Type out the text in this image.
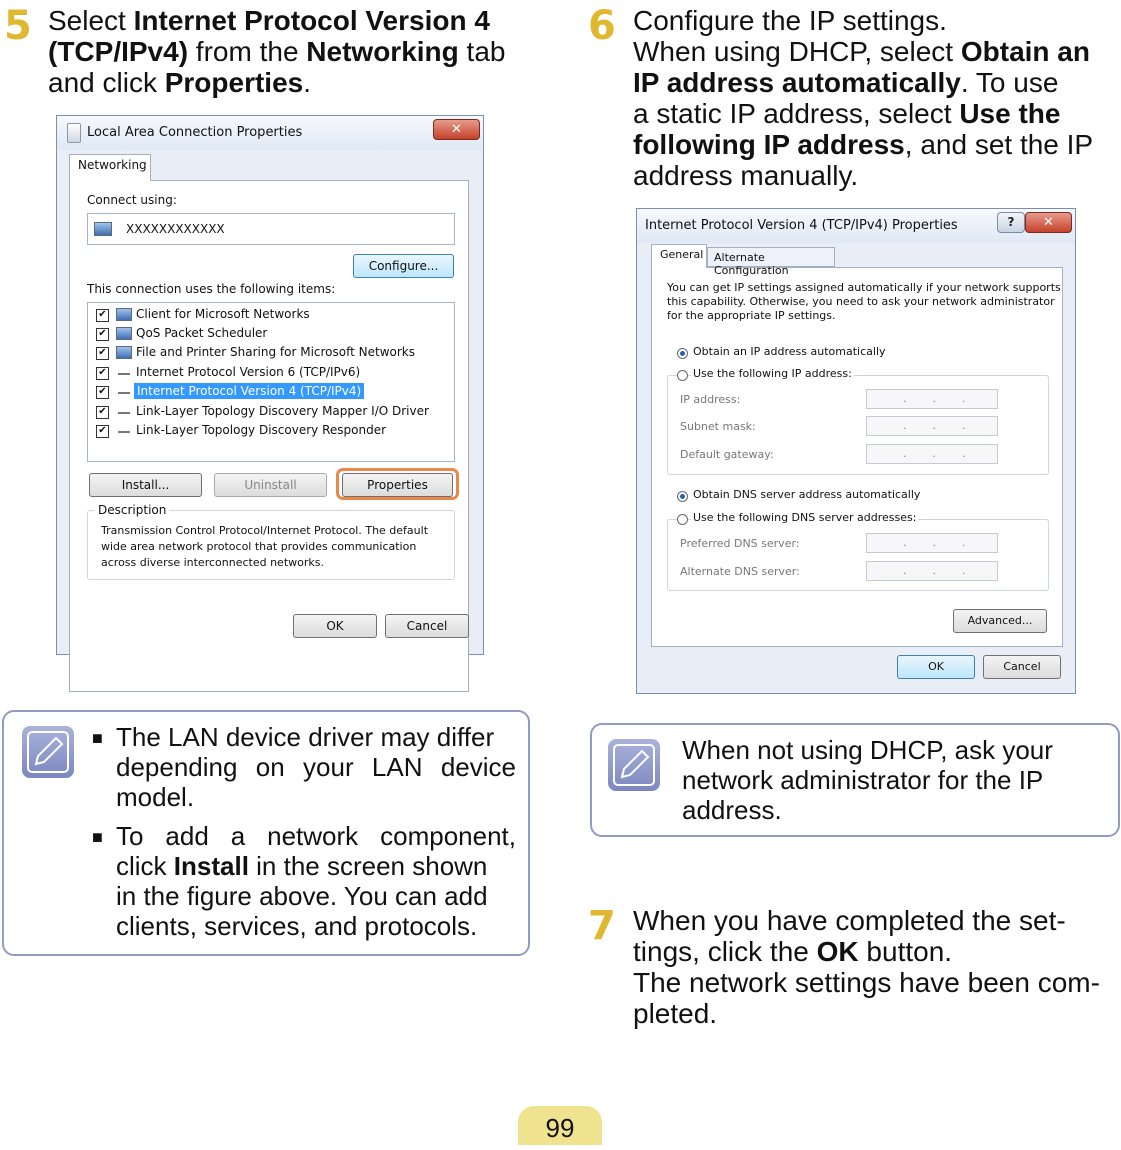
5 Select Internet Protocol Version 4
(TCP/IPv4) from the Networking tab
and click Properties.
Local Area Connection Properties	✕
Networking
Connect using:
XXXXXXXXXXXX
Configure...
This connection uses the following items:
✔ Client for Microsoft Networks
✔ QoS Packet Scheduler
✔ File and Printer Sharing for Microsoft Networks
✔ Internet Protocol Version 6 (TCP/IPv6)
✔	Internet Protocol Version 4 (TCP/IPv4)
✔ Link-Layer Topology Discovery Mapper I/O Driver
✔ Link-Layer Topology Discovery Responder
Install...	Uninstall	Properties
Description
Transmission Control Protocol/Internet Protocol. The default
wide area network protocol that provides communication
across diverse interconnected networks.
OK	Cancel
■ The LAN device driver may differ
depending on your LAN device
model.
■ To add a network component,
click Install in the screen shown
in the figure above. You can add
clients, services, and protocols.
6 Configure the IP settings.
When using DHCP, select Obtain an
IP address automatically. To use
a static IP address, select Use the
following IP address, and set the IP
address manually.
Internet Protocol Version 4 (TCP/IPv4) Properties	?	✕
General Alternate Configuration
You can get IP settings assigned automatically if your network supports
this capability. Otherwise, you need to ask your network administrator
for the appropriate IP settings.
Obtain an IP address automatically
Use the following IP address:
IP address:	...
Subnet mask:	...
Default gateway:	...
Obtain DNS server address automatically
Use the following DNS server addresses:
Preferred DNS server:	...
Alternate DNS server:	...
Advanced...
OK	Cancel
When not using DHCP, ask your
network administrator for the IP
address.
7 When you have completed the set-
tings, click the OK button.
The network settings have been com-
pleted.
99
